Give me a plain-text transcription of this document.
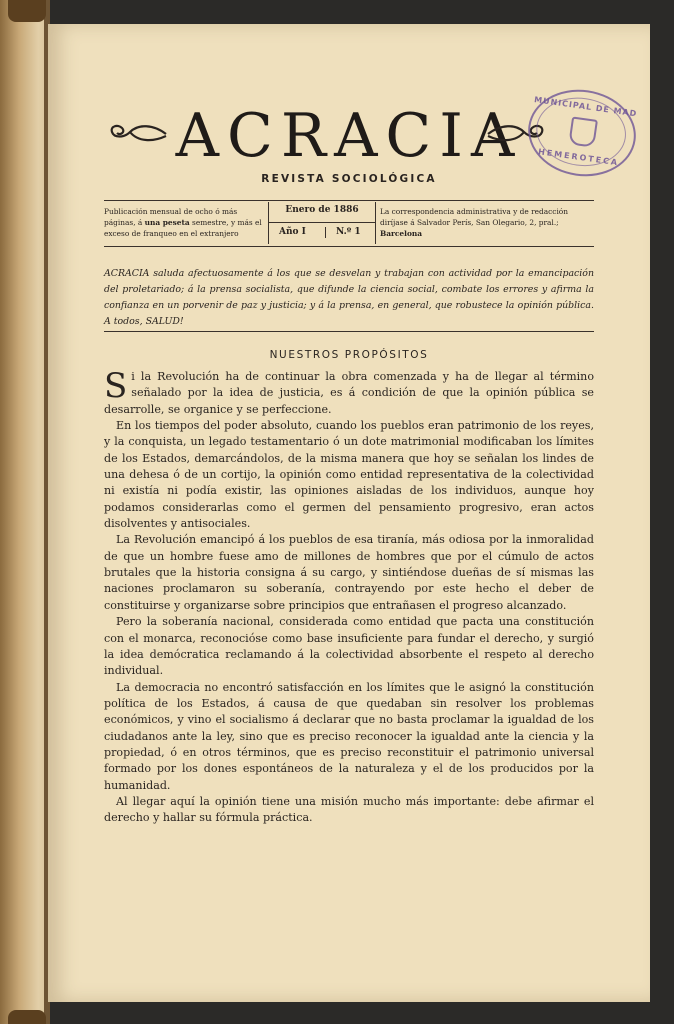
ACRACIA	MUNICIPAL DE MAD
HEMEROTECA
REVISTA SOCIOLÓGICA
Publicación mensual de ocho ó más páginas, á una peseta semestre, y más el exceso de franqueo en el extranjero
Enero de 1886
Año I	N.º 1
La correspondencia administrativa y de redacción diríjase á Salvador Perís, San Olegario, 2, pral.; Barcelona
ACRACIA saluda afectuosamente á los que se desvelan y trabajan con actividad por la emancipación del proletariado; á la prensa socialista, que difunde la ciencia social, combate los errores y afirma la confianza en un porvenir de paz y justicia; y á la prensa, en general, que robustece la opinión pública. A todos, SALUD!
NUESTROS PROPÓSITOS

Si la Revolución ha de continuar la obra comenzada y ha de llegar al término señalado por la idea de justicia, es á condición de que la opinión pública se desarrolle, se organice y se perfeccione.

En los tiempos del poder absoluto, cuando los pueblos eran patrimonio de los reyes, y la conquista, un legado testamentario ó un dote matrimonial modificaban los límites de los Estados, demarcándolos, de la misma manera que hoy se señalan los lindes de una dehesa ó de un cortijo, la opinión como entidad representativa de la colectividad ni existía ni podía existir, las opiniones aisladas de los individuos, aunque hoy podamos considerarlas como el germen del pensamiento progresivo, eran actos disolventes y antisociales.

La Revolución emancipó á los pueblos de esa tiranía, más odiosa por la inmoralidad de que un hombre fuese amo de millones de hombres que por el cúmulo de actos brutales que la historia consigna á su cargo, y sintiéndose dueñas de sí mismas las naciones proclamaron su soberanía, contrayendo por este hecho el deber de constituirse y organizarse sobre principios que entrañasen el progreso alcanzado.

Pero la soberanía nacional, considerada como entidad que pacta una constitución con el monarca, reconocióse como base insuficiente para fundar el derecho, y surgió la idea demócratica reclamando á la colectividad absorbente el respeto al derecho individual.

La democracia no encontró satisfacción en los límites que le asignó la constitución política de los Estados, á causa de que quedaban sin resolver los problemas económicos, y vino el socialismo á declarar que no basta proclamar la igualdad de los ciudadanos ante la ley, sino que es preciso reconocer la igualdad ante la ciencia y la propiedad, ó en otros términos, que es preciso reconstituir el patrimonio universal formado por los dones espontáneos de la naturaleza y el de los producidos por la humanidad.

Al llegar aquí la opinión tiene una misión mucho más importante: debe afirmar el derecho y hallar su fórmula práctica.
